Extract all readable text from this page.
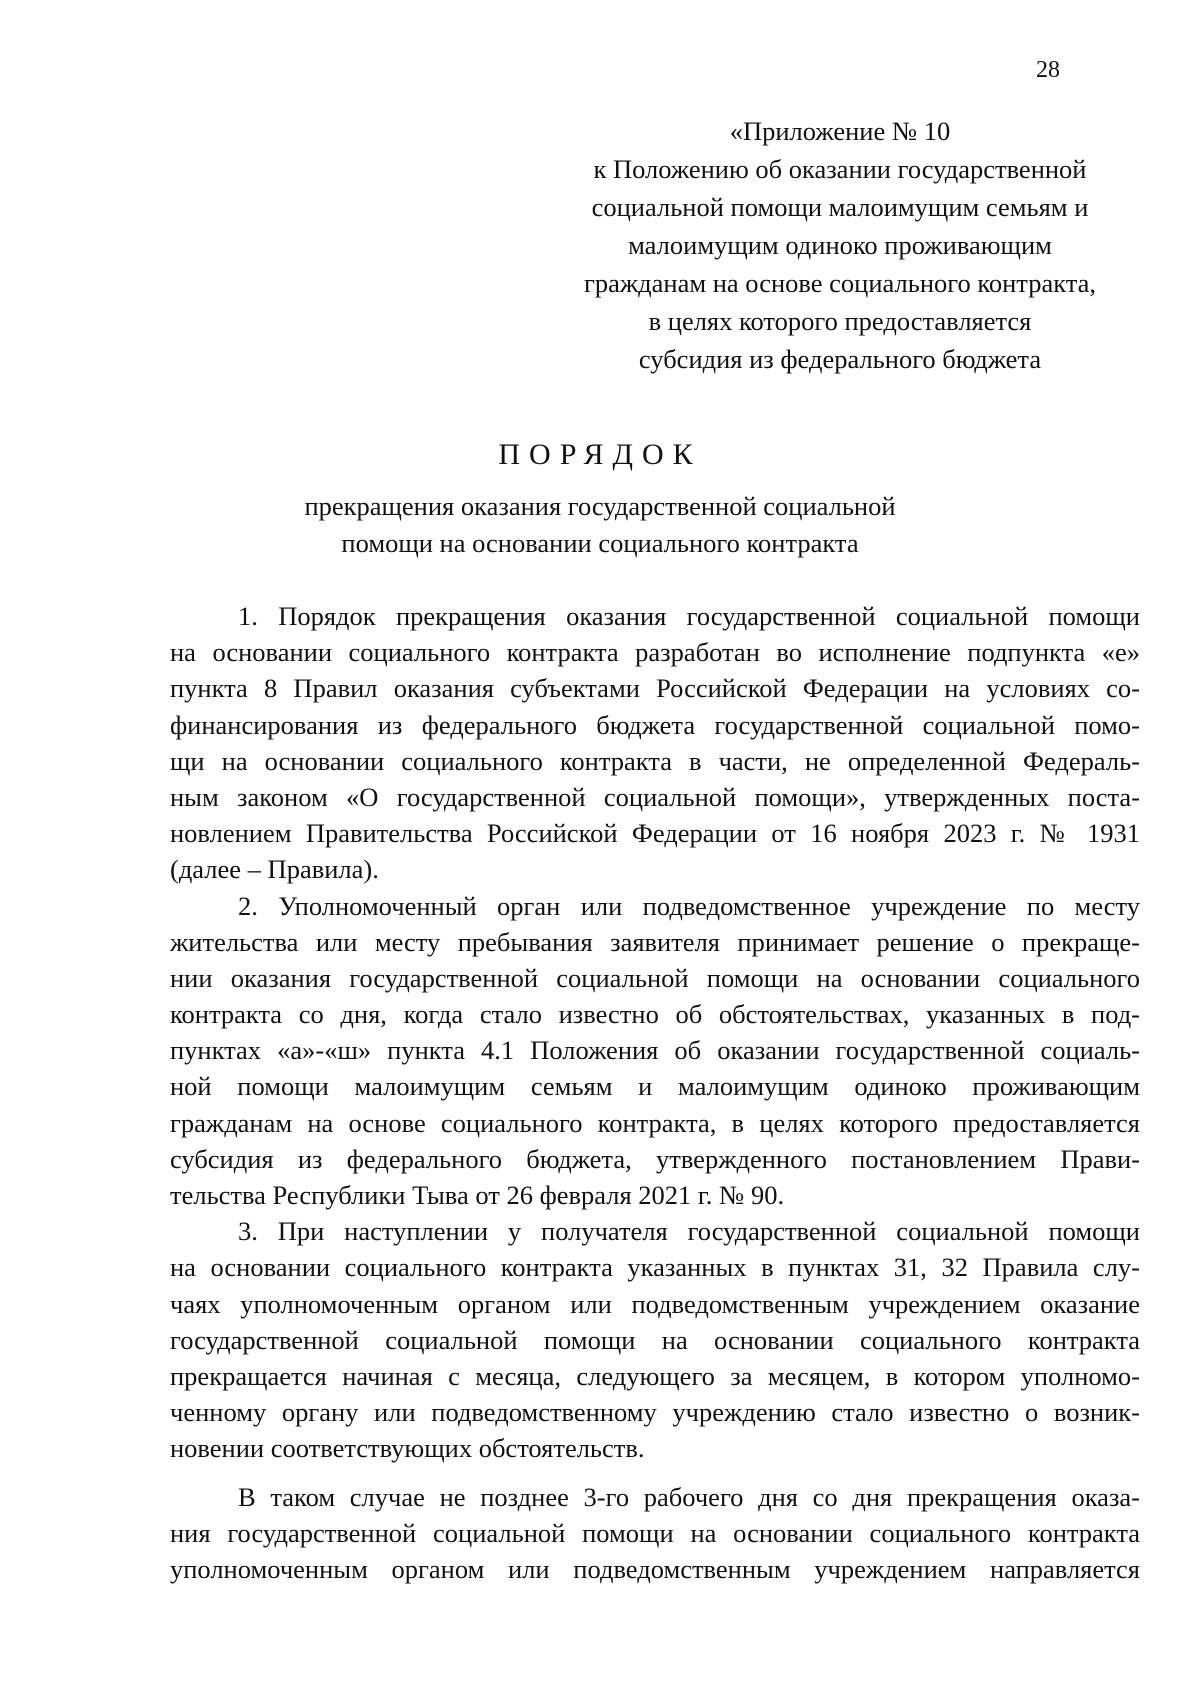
28
«Приложение № 10
к Положению об оказании государственной
социальной помощи малоимущим семьям и
малоимущим одиноко проживающим
гражданам на основе социального контракта,
в целях которого предоставляется
субсидия из федерального бюджета
ПОРЯДОК
прекращения оказания государственной социальной
помощи на основании социального контракта
1. Порядок прекращения оказания государственной социальной помощи
на основании социального контракта разработан во исполнение подпункта «е»
пункта 8 Правил оказания субъектами Российской Федерации на условиях со-
финансирования из федерального бюджета государственной социальной помо-
щи на основании социального контракта в части, не определенной Федераль-
ным законом «О государственной социальной помощи», утвержденных поста-
новлением Правительства Российской Федерации от 16 ноября 2023 г. № 1931
(далее – Правила).
2. Уполномоченный орган или подведомственное учреждение по месту
жительства или месту пребывания заявителя принимает решение о прекраще-
нии оказания государственной социальной помощи на основании социального
контракта со дня, когда стало известно об обстоятельствах, указанных в под-
пунктах «а»-«ш» пункта 4.1 Положения об оказании государственной социаль-
ной помощи малоимущим семьям и малоимущим одиноко проживающим
гражданам на основе социального контракта, в целях которого предоставляется
субсидия из федерального бюджета, утвержденного постановлением Прави-
тельства Республики Тыва от 26 февраля 2021 г. № 90.
3. При наступлении у получателя государственной социальной помощи
на основании социального контракта указанных в пунктах 31, 32 Правила слу-
чаях уполномоченным органом или подведомственным учреждением оказание
государственной социальной помощи на основании социального контракта
прекращается начиная с месяца, следующего за месяцем, в котором уполномо-
ченному органу или подведомственному учреждению стало известно о возник-
новении соответствующих обстоятельств.
В таком случае не позднее 3-го рабочего дня со дня прекращения оказа-
ния государственной социальной помощи на основании социального контракта
уполномоченным органом или подведомственным учреждением направляется
